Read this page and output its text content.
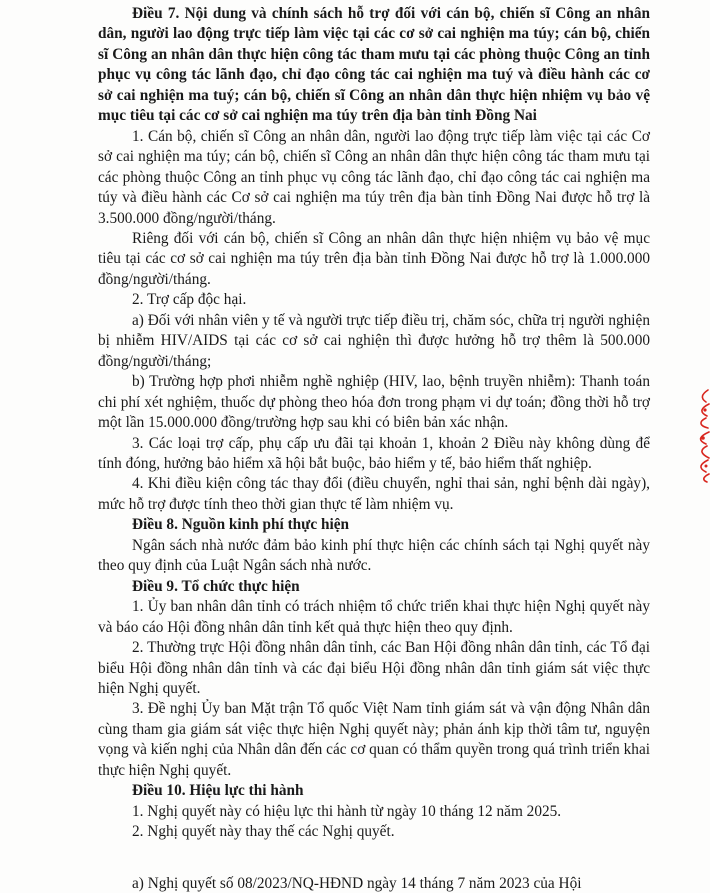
Điều 7. Nội dung và chính sách hỗ trợ đối với cán bộ, chiến sĩ Công an nhân dân, người lao động trực tiếp làm việc tại các cơ sở cai nghiện ma túy; cán bộ, chiến sĩ Công an nhân dân thực hiện công tác tham mưu tại các phòng thuộc Công an tỉnh phục vụ công tác lãnh đạo, chỉ đạo công tác cai nghiện ma tuý và điều hành các cơ sở cai nghiện ma tuý; cán bộ, chiến sĩ Công an nhân dân thực hiện nhiệm vụ bảo vệ mục tiêu tại các cơ sở cai nghiện ma túy trên địa bàn tỉnh Đồng Nai

1. Cán bộ, chiến sĩ Công an nhân dân, người lao động trực tiếp làm việc tại các Cơ sở cai nghiện ma túy; cán bộ, chiến sĩ Công an nhân dân thực hiện công tác tham mưu tại các phòng thuộc Công an tỉnh phục vụ công tác lãnh đạo, chỉ đạo công tác cai nghiện ma túy và điều hành các Cơ sở cai nghiện ma túy trên địa bàn tỉnh Đồng Nai được hỗ trợ là 3.500.000 đồng/người/tháng.

Riêng đối với cán bộ, chiến sĩ Công an nhân dân thực hiện nhiệm vụ bảo vệ mục tiêu tại các cơ sở cai nghiện ma túy trên địa bàn tỉnh Đồng Nai được hỗ trợ là 1.000.000 đồng/người/tháng.

2. Trợ cấp độc hại.

a) Đối với nhân viên y tế và người trực tiếp điều trị, chăm sóc, chữa trị người nghiện bị nhiễm HIV/AIDS tại các cơ sở cai nghiện thì được hưởng hỗ trợ thêm là 500.000 đồng/người/tháng;

b) Trường hợp phơi nhiễm nghề nghiệp (HIV, lao, bệnh truyền nhiễm): Thanh toán chi phí xét nghiệm, thuốc dự phòng theo hóa đơn trong phạm vi dự toán; đồng thời hỗ trợ một lần 15.000.000 đồng/trường hợp sau khi có biên bản xác nhận.

3. Các loại trợ cấp, phụ cấp ưu đãi tại khoản 1, khoản 2 Điều này không dùng để tính đóng, hưởng bảo hiểm xã hội bắt buộc, bảo hiểm y tế, bảo hiểm thất nghiệp.

4. Khi điều kiện công tác thay đổi (điều chuyển, nghỉ thai sản, nghỉ bệnh dài ngày), mức hỗ trợ được tính theo thời gian thực tế làm nhiệm vụ.

Điều 8. Nguồn kinh phí thực hiện

Ngân sách nhà nước đảm bảo kinh phí thực hiện các chính sách tại Nghị quyết này theo quy định của Luật Ngân sách nhà nước.

Điều 9. Tổ chức thực hiện

1. Ủy ban nhân dân tỉnh có trách nhiệm tổ chức triển khai thực hiện Nghị quyết này và báo cáo Hội đồng nhân dân tỉnh kết quả thực hiện theo quy định.

2. Thường trực Hội đồng nhân dân tỉnh, các Ban Hội đồng nhân dân tỉnh, các Tổ đại biểu Hội đồng nhân dân tỉnh và các đại biểu Hội đồng nhân dân tỉnh giám sát việc thực hiện Nghị quyết.

3. Đề nghị Ủy ban Mặt trận Tổ quốc Việt Nam tỉnh giám sát và vận động Nhân dân cùng tham gia giám sát việc thực hiện Nghị quyết này; phản ánh kịp thời tâm tư, nguyện vọng và kiến nghị của Nhân dân đến các cơ quan có thẩm quyền trong quá trình triển khai thực hiện Nghị quyết.

Điều 10. Hiệu lực thi hành

1. Nghị quyết này có hiệu lực thi hành từ ngày 10 tháng 12 năm 2025.

2. Nghị quyết này thay thế các Nghị quyết.

a) Nghị quyết số 08/2023/NQ-HĐND ngày 14 tháng 7 năm 2023 của Hội
